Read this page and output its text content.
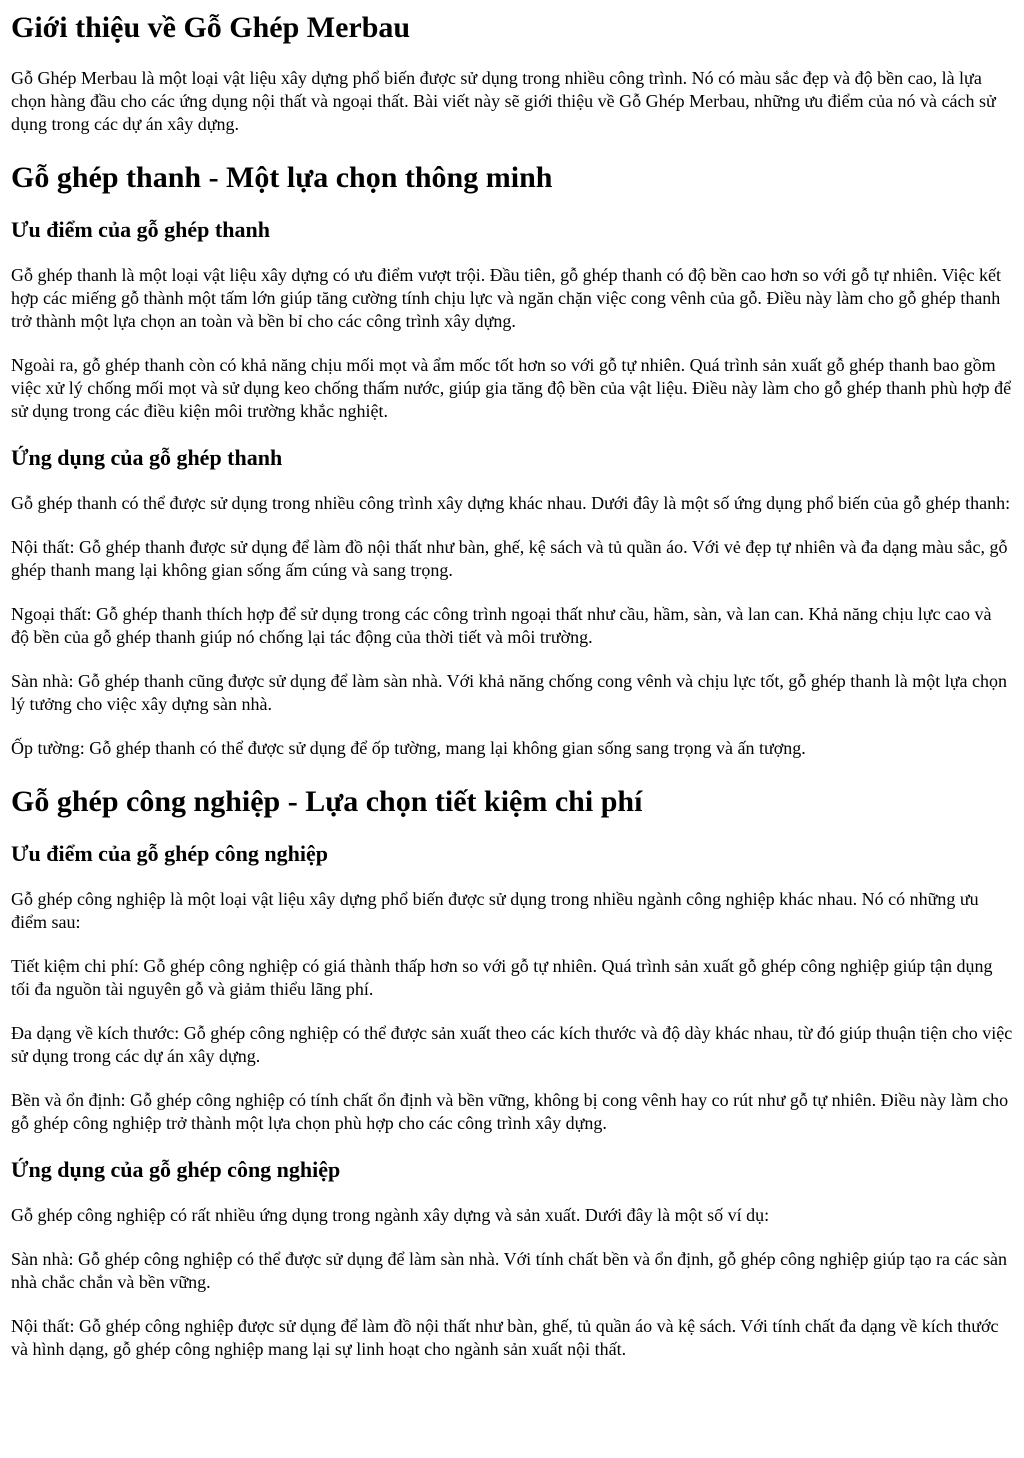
Giới thiệu về Gỗ Ghép Merbau

Gỗ Ghép Merbau là một loại vật liệu xây dựng phổ biến được sử dụng trong nhiều công trình. Nó có màu sắc đẹp và độ bền cao, là lựa chọn hàng đầu cho các ứng dụng nội thất và ngoại thất. Bài viết này sẽ giới thiệu về Gỗ Ghép Merbau, những ưu điểm của nó và cách sử dụng trong các dự án xây dựng.

Gỗ ghép thanh - Một lựa chọn thông minh
Ưu điểm của gỗ ghép thanh

Gỗ ghép thanh là một loại vật liệu xây dựng có ưu điểm vượt trội. Đầu tiên, gỗ ghép thanh có độ bền cao hơn so với gỗ tự nhiên. Việc kết hợp các miếng gỗ thành một tấm lớn giúp tăng cường tính chịu lực và ngăn chặn việc cong vênh của gỗ. Điều này làm cho gỗ ghép thanh trở thành một lựa chọn an toàn và bền bỉ cho các công trình xây dựng.

Ngoài ra, gỗ ghép thanh còn có khả năng chịu mối mọt và ẩm mốc tốt hơn so với gỗ tự nhiên. Quá trình sản xuất gỗ ghép thanh bao gồm việc xử lý chống mối mọt và sử dụng keo chống thấm nước, giúp gia tăng độ bền của vật liệu. Điều này làm cho gỗ ghép thanh phù hợp để sử dụng trong các điều kiện môi trường khắc nghiệt.

Ứng dụng của gỗ ghép thanh

Gỗ ghép thanh có thể được sử dụng trong nhiều công trình xây dựng khác nhau. Dưới đây là một số ứng dụng phổ biến của gỗ ghép thanh:

Nội thất: Gỗ ghép thanh được sử dụng để làm đồ nội thất như bàn, ghế, kệ sách và tủ quần áo. Với vẻ đẹp tự nhiên và đa dạng màu sắc, gỗ ghép thanh mang lại không gian sống ấm cúng và sang trọng.

Ngoại thất: Gỗ ghép thanh thích hợp để sử dụng trong các công trình ngoại thất như cầu, hầm, sàn, và lan can. Khả năng chịu lực cao và độ bền của gỗ ghép thanh giúp nó chống lại tác động của thời tiết và môi trường.

Sàn nhà: Gỗ ghép thanh cũng được sử dụng để làm sàn nhà. Với khả năng chống cong vênh và chịu lực tốt, gỗ ghép thanh là một lựa chọn lý tưởng cho việc xây dựng sàn nhà.

Ốp tường: Gỗ ghép thanh có thể được sử dụng để ốp tường, mang lại không gian sống sang trọng và ấn tượng.

Gỗ ghép công nghiệp - Lựa chọn tiết kiệm chi phí
Ưu điểm của gỗ ghép công nghiệp

Gỗ ghép công nghiệp là một loại vật liệu xây dựng phổ biến được sử dụng trong nhiều ngành công nghiệp khác nhau. Nó có những ưu điểm sau:

Tiết kiệm chi phí: Gỗ ghép công nghiệp có giá thành thấp hơn so với gỗ tự nhiên. Quá trình sản xuất gỗ ghép công nghiệp giúp tận dụng tối đa nguồn tài nguyên gỗ và giảm thiểu lãng phí.

Đa dạng về kích thước: Gỗ ghép công nghiệp có thể được sản xuất theo các kích thước và độ dày khác nhau, từ đó giúp thuận tiện cho việc sử dụng trong các dự án xây dựng.

Bền và ổn định: Gỗ ghép công nghiệp có tính chất ổn định và bền vững, không bị cong vênh hay co rút như gỗ tự nhiên. Điều này làm cho gỗ ghép công nghiệp trở thành một lựa chọn phù hợp cho các công trình xây dựng.

Ứng dụng của gỗ ghép công nghiệp

Gỗ ghép công nghiệp có rất nhiều ứng dụng trong ngành xây dựng và sản xuất. Dưới đây là một số ví dụ:

Sàn nhà: Gỗ ghép công nghiệp có thể được sử dụng để làm sàn nhà. Với tính chất bền và ổn định, gỗ ghép công nghiệp giúp tạo ra các sàn nhà chắc chắn và bền vững.

Nội thất: Gỗ ghép công nghiệp được sử dụng để làm đồ nội thất như bàn, ghế, tủ quần áo và kệ sách. Với tính chất đa dạng về kích thước và hình dạng, gỗ ghép công nghiệp mang lại sự linh hoạt cho ngành sản xuất nội thất.
